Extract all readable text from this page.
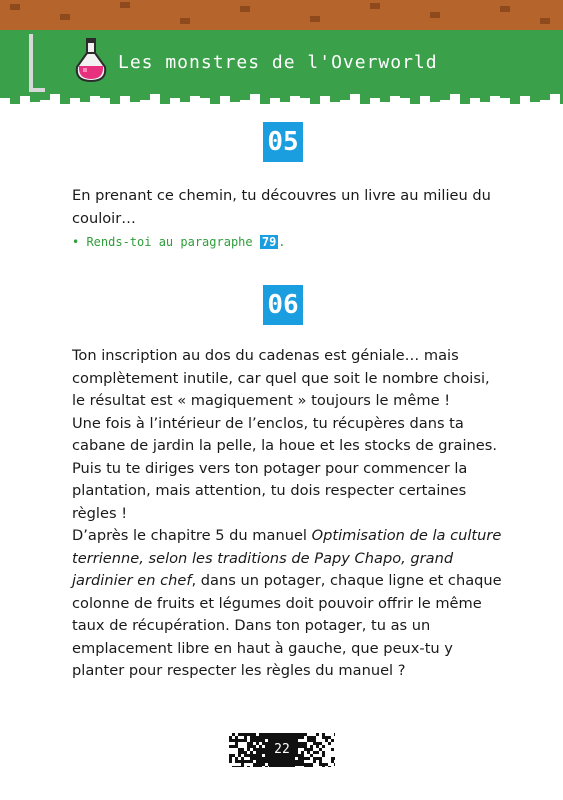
Les monstres de l'Overworld
05

En prenant ce chemin, tu découvres un livre au milieu du couloir…

• Rends-toi au paragraphe 79 .
06

Ton inscription au dos du cadenas est géniale… mais complètement inutile, car quel que soit le nombre choisi, le résultat est « magiquement » toujours le même !

Une fois à l’intérieur de l’enclos, tu récupères dans ta cabane de jardin la pelle, la houe et les stocks de graines. Puis tu te diriges vers ton potager pour commencer la plantation, mais attention, tu dois respecter certaines règles !

D’après le chapitre 5 du manuel Optimisation de la culture terrienne, selon les traditions de Papy Chapo, grand jardinier en chef, dans un potager, chaque ligne et chaque colonne de fruits et légumes doit pouvoir offrir le même taux de récupération. Dans ton potager, tu as un emplacement libre en haut à gauche, que peux-tu y planter pour respecter les règles du manuel ?

22
